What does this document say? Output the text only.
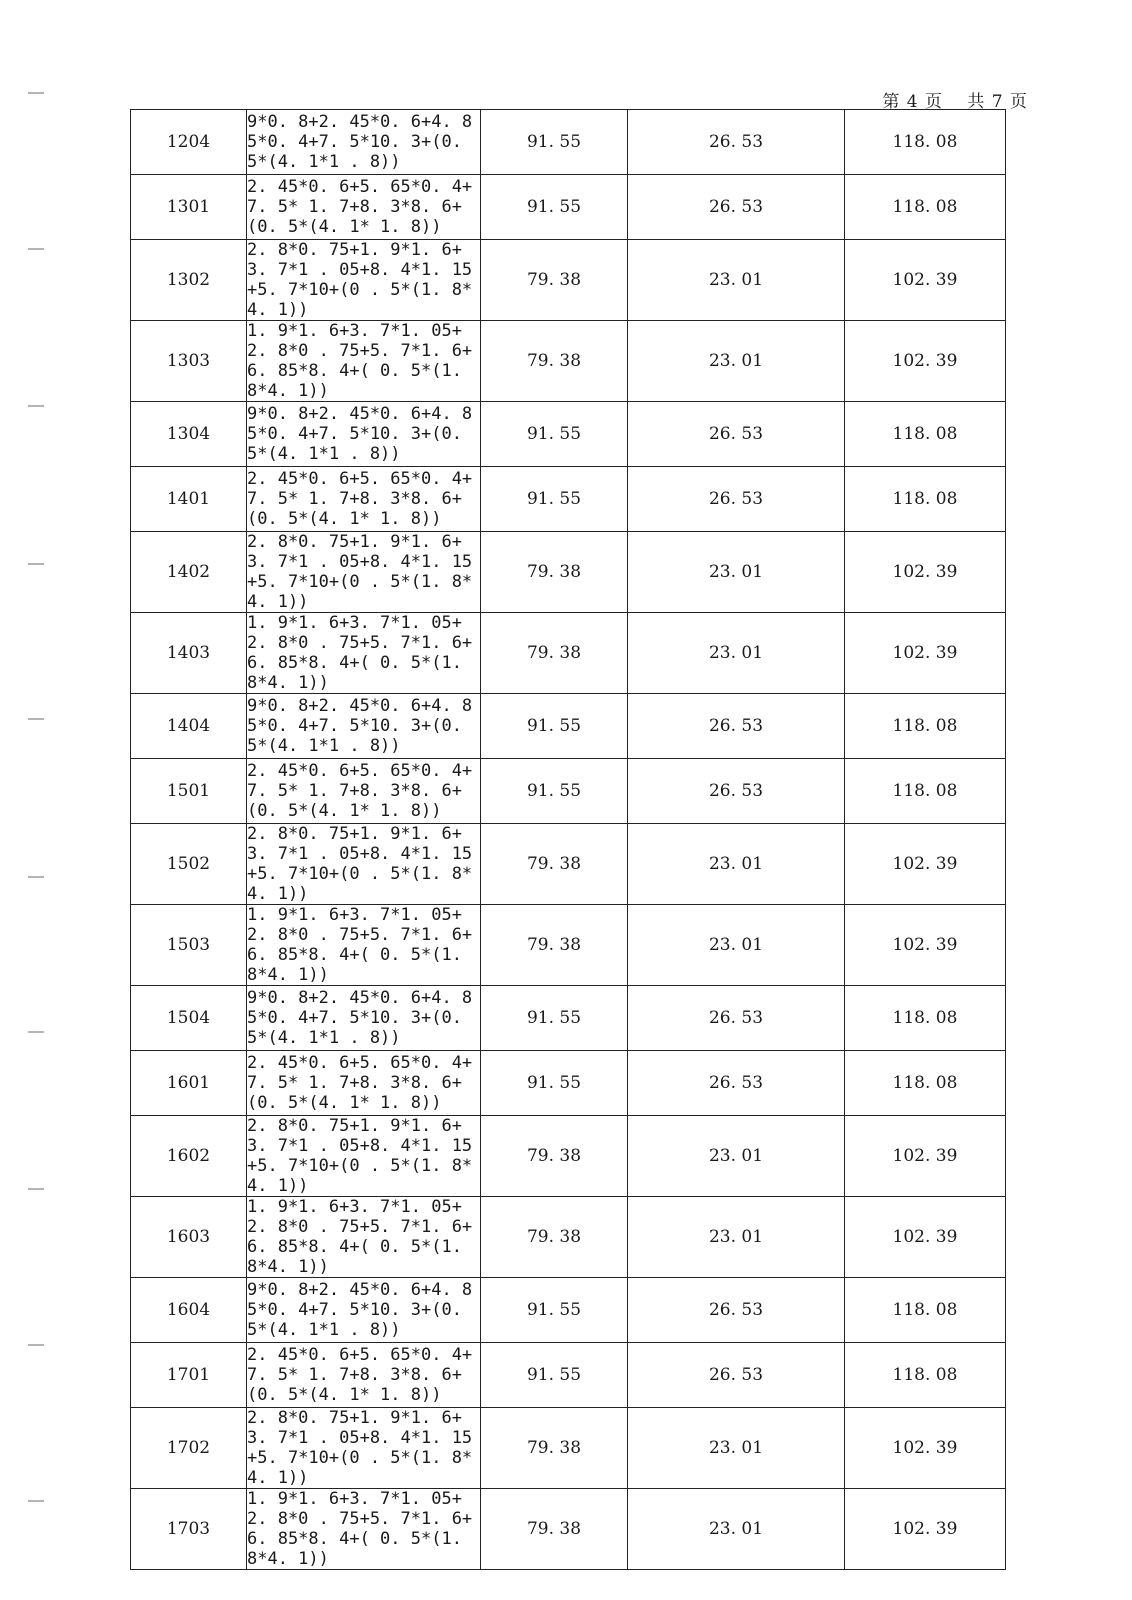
第 4 页　 共 7 页
1204	9*0. 8+2. 45*0. 6+4. 85*0. 4+7. 5*10. 3+(0. 5*(4. 1*1 . 8))	91. 55	26. 53	118. 08
1301	2. 45*0. 6+5. 65*0. 4+7. 5* 1. 7+8. 3*8. 6+(0. 5*(4. 1* 1. 8))	91. 55	26. 53	118. 08
1302	2. 8*0. 75+1. 9*1. 6+3. 7*1 . 05+8. 4*1. 15+5. 7*10+(0 . 5*(1. 8*4. 1))	79. 38	23. 01	102. 39
1303	1. 9*1. 6+3. 7*1. 05+2. 8*0 . 75+5. 7*1. 6+6. 85*8. 4+( 0. 5*(1. 8*4. 1))	79. 38	23. 01	102. 39
1304	9*0. 8+2. 45*0. 6+4. 85*0. 4+7. 5*10. 3+(0. 5*(4. 1*1 . 8))	91. 55	26. 53	118. 08
1401	2. 45*0. 6+5. 65*0. 4+7. 5* 1. 7+8. 3*8. 6+(0. 5*(4. 1* 1. 8))	91. 55	26. 53	118. 08
1402	2. 8*0. 75+1. 9*1. 6+3. 7*1 . 05+8. 4*1. 15+5. 7*10+(0 . 5*(1. 8*4. 1))	79. 38	23. 01	102. 39
1403	1. 9*1. 6+3. 7*1. 05+2. 8*0 . 75+5. 7*1. 6+6. 85*8. 4+( 0. 5*(1. 8*4. 1))	79. 38	23. 01	102. 39
1404	9*0. 8+2. 45*0. 6+4. 85*0. 4+7. 5*10. 3+(0. 5*(4. 1*1 . 8))	91. 55	26. 53	118. 08
1501	2. 45*0. 6+5. 65*0. 4+7. 5* 1. 7+8. 3*8. 6+(0. 5*(4. 1* 1. 8))	91. 55	26. 53	118. 08
1502	2. 8*0. 75+1. 9*1. 6+3. 7*1 . 05+8. 4*1. 15+5. 7*10+(0 . 5*(1. 8*4. 1))	79. 38	23. 01	102. 39
1503	1. 9*1. 6+3. 7*1. 05+2. 8*0 . 75+5. 7*1. 6+6. 85*8. 4+( 0. 5*(1. 8*4. 1))	79. 38	23. 01	102. 39
1504	9*0. 8+2. 45*0. 6+4. 85*0. 4+7. 5*10. 3+(0. 5*(4. 1*1 . 8))	91. 55	26. 53	118. 08
1601	2. 45*0. 6+5. 65*0. 4+7. 5* 1. 7+8. 3*8. 6+(0. 5*(4. 1* 1. 8))	91. 55	26. 53	118. 08
1602	2. 8*0. 75+1. 9*1. 6+3. 7*1 . 05+8. 4*1. 15+5. 7*10+(0 . 5*(1. 8*4. 1))	79. 38	23. 01	102. 39
1603	1. 9*1. 6+3. 7*1. 05+2. 8*0 . 75+5. 7*1. 6+6. 85*8. 4+( 0. 5*(1. 8*4. 1))	79. 38	23. 01	102. 39
1604	9*0. 8+2. 45*0. 6+4. 85*0. 4+7. 5*10. 3+(0. 5*(4. 1*1 . 8))	91. 55	26. 53	118. 08
1701	2. 45*0. 6+5. 65*0. 4+7. 5* 1. 7+8. 3*8. 6+(0. 5*(4. 1* 1. 8))	91. 55	26. 53	118. 08
1702	2. 8*0. 75+1. 9*1. 6+3. 7*1 . 05+8. 4*1. 15+5. 7*10+(0 . 5*(1. 8*4. 1))	79. 38	23. 01	102. 39
1703	1. 9*1. 6+3. 7*1. 05+2. 8*0 . 75+5. 7*1. 6+6. 85*8. 4+( 0. 5*(1. 8*4. 1))	79. 38	23. 01	102. 39
